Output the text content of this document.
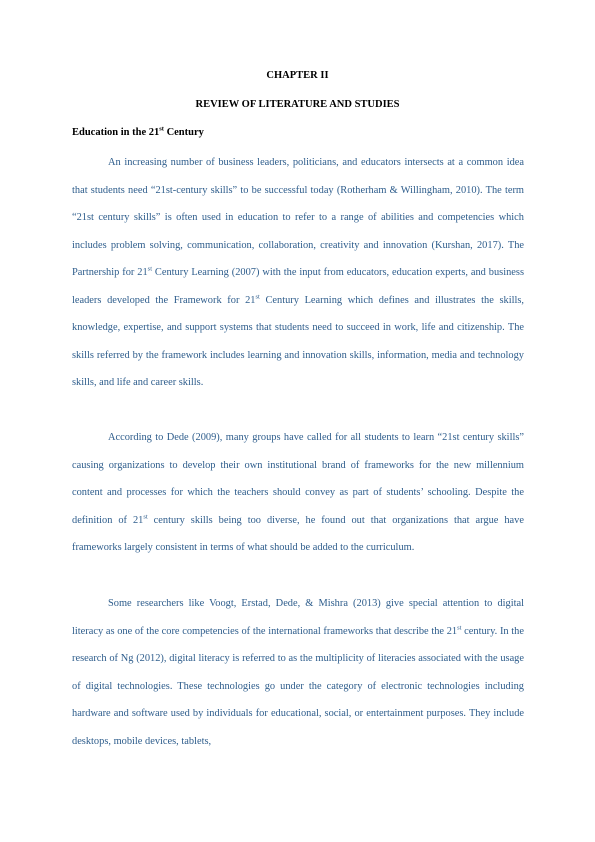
CHAPTER II
REVIEW OF LITERATURE AND STUDIES
Education in the 21st Century

An increasing number of business leaders, politicians, and educators intersects at a common idea that students need “21st-century skills” to be successful today (Rotherham & Willingham, 2010). The term “21st century skills” is often used in education to refer to a range of abilities and competencies which includes problem solving, communication, collaboration, creativity and innovation (Kurshan, 2017). The Partnership for 21st Century Learning (2007) with the input from educators, education experts, and business leaders developed the Framework for 21st Century Learning which defines and illustrates the skills, knowledge, expertise, and support systems that students need to succeed in work, life and citizenship. The skills referred by the framework includes learning and innovation skills, information, media and technology skills, and life and career skills.

According to Dede (2009), many groups have called for all students to learn “21st century skills” causing organizations to develop their own institutional brand of frameworks for the new millennium content and processes for which the teachers should convey as part of students’ schooling. Despite the definition of 21st century skills being too diverse, he found out that organizations that argue have frameworks largely consistent in terms of what should be added to the curriculum.

Some researchers like Voogt, Erstad, Dede, & Mishra (2013) give special attention to digital literacy as one of the core competencies of the international frameworks that describe the 21st century. In the research of Ng (2012), digital literacy is referred to as the multiplicity of literacies associated with the usage of digital technologies. These technologies go under the category of electronic technologies including hardware and software used by individuals for educational, social, or entertainment purposes. They include desktops, mobile devices, tablets,
